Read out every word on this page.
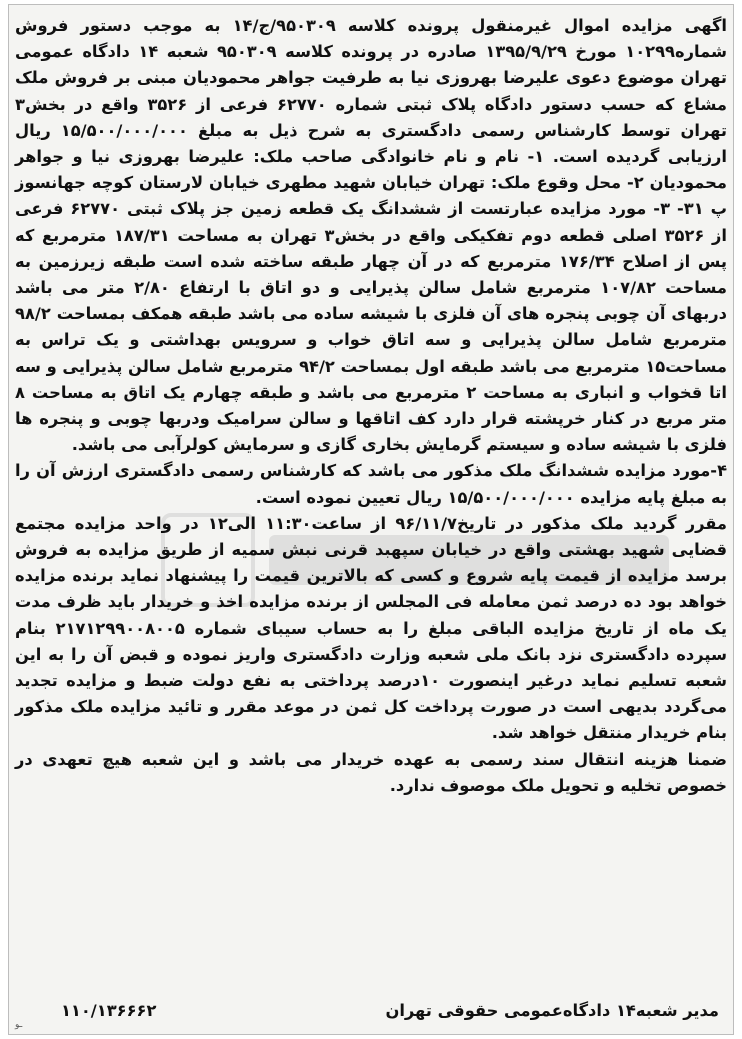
اگهی مزایده اموال غیرمنقول پرونده کلاسه ۹۵۰۳۰۹/ج/۱۴ به موجب دستور فروش شماره۱۰۲۹۹ مورخ ۱۳۹۵/۹/۲۹ صادره در پرونده کلاسه ۹۵۰۳۰۹ شعبه ۱۴ دادگاه عمومی تهران موضوع دعوی علیرضا بهروزی نیا به طرفیت جواهر محمودیان مبنی بر فروش ملک مشاع که حسب دستور دادگاه پلاک ثبتی شماره ۶۲۷۷۰ فرعی از ۳۵۲۶ واقع در بخش۳ تهران توسط کارشناس رسمی دادگستری به شرح ذیل به مبلغ ۱۵/۵۰۰/۰۰۰/۰۰۰ ریال ارزیابی گردیده است. ۱- نام و نام خانوادگی صاحب ملک: علیرضا بهروزی نیا و جواهر محمودیان ۲- محل وقوع ملک: تهران خیابان شهید مطهری خیابان لارستان کوچه جهانسوز پ ۳۱- ۳- مورد مزایده عبارتست از ششدانگ یک قطعه زمین جز پلاک ثبتی ۶۲۷۷۰ فرعی از ۳۵۲۶ اصلی قطعه دوم تفکیکی واقع در بخش۳ تهران به مساحت ۱۸۷/۳۱ مترمربع که پس از اصلاح ۱۷۶/۳۴ مترمربع که در آن چهار طبقه ساخته شده است طبقه زیرزمین به مساحت ۱۰۷/۸۲ مترمربع شامل سالن پذیرایی و دو اتاق با ارتفاع ۲/۸۰ متر می باشد دربهای آن چوبی پنجره های آن فلزی با شیشه ساده می باشد طبقه همکف بمساحت ۹۸/۲ مترمربع شامل سالن پذیرایی و سه اتاق خواب و سرویس بهداشتی و یک تراس به مساحت۱۵ مترمربع می باشد طبقه اول بمساحت ۹۴/۲ مترمربع شامل سالن پذیرایی و سه اتا قخواب و انباری به مساحت ۲ مترمربع می باشد و طبقه چهارم یک اتاق به مساحت ۸ متر مربع در کنار خرپشته قرار دارد کف اتاقها و سالن سرامیک ودربها چوبی و پنجره ها فلزی با شیشه ساده و سیستم گرمایش بخاری گازی و سرمایش کولرآبی می باشد.

۴-مورد مزایده ششدانگ ملک مذکور می باشد که کارشناس رسمی دادگستری ارزش آن را به مبلغ پایه مزایده ۱۵/۵۰۰/۰۰۰/۰۰۰ ریال تعیین نموده است.

مقرر گردید ملک مذکور در تاریخ۹۶/۱۱/۷ از ساعت۱۱:۳۰ الی۱۲ در واحد مزایده مجتمع قضایی شهید بهشتی واقع در خیابان سپهبد قرنی نبش سمیه از طریق مزایده به فروش برسد مزایده از قیمت پایه شروع و کسی که بالاترین قیمت را پیشنهاد نماید برنده مزایده خواهد بود ده درصد ثمن معامله فی المجلس از برنده مزایده اخذ و خریدار باید ظرف مدت یک ماه از تاریخ مزایده الباقی مبلغ را به حساب سیبای شماره ۲۱۷۱۲۹۹۰۰۸۰۰۵ بنام سپرده دادگستری نزد بانک ملی شعبه وزارت دادگستری واریز نموده و قبض آن را به این شعبه تسلیم نماید درغیر اینصورت ۱۰درصد پرداختی به نفع دولت ضبط و مزایده تجدید می‌گردد بدیهی است در صورت پرداخت کل ثمن در موعد مقرر و تائید مزایده ملک مذکور بنام خریدار منتقل خواهد شد.

ضمنا هزینه انتقال سند رسمی به عهده خریدار می باشد و این شعبه هیچ تعهدی در خصوص تخلیه و تحویل ملک موصوف ندارد.

مدیر شعبه۱۴ دادگاه‌عمومی حقوقی تهران
۱۱۰/۱۳۶۶۶۲
ـو
